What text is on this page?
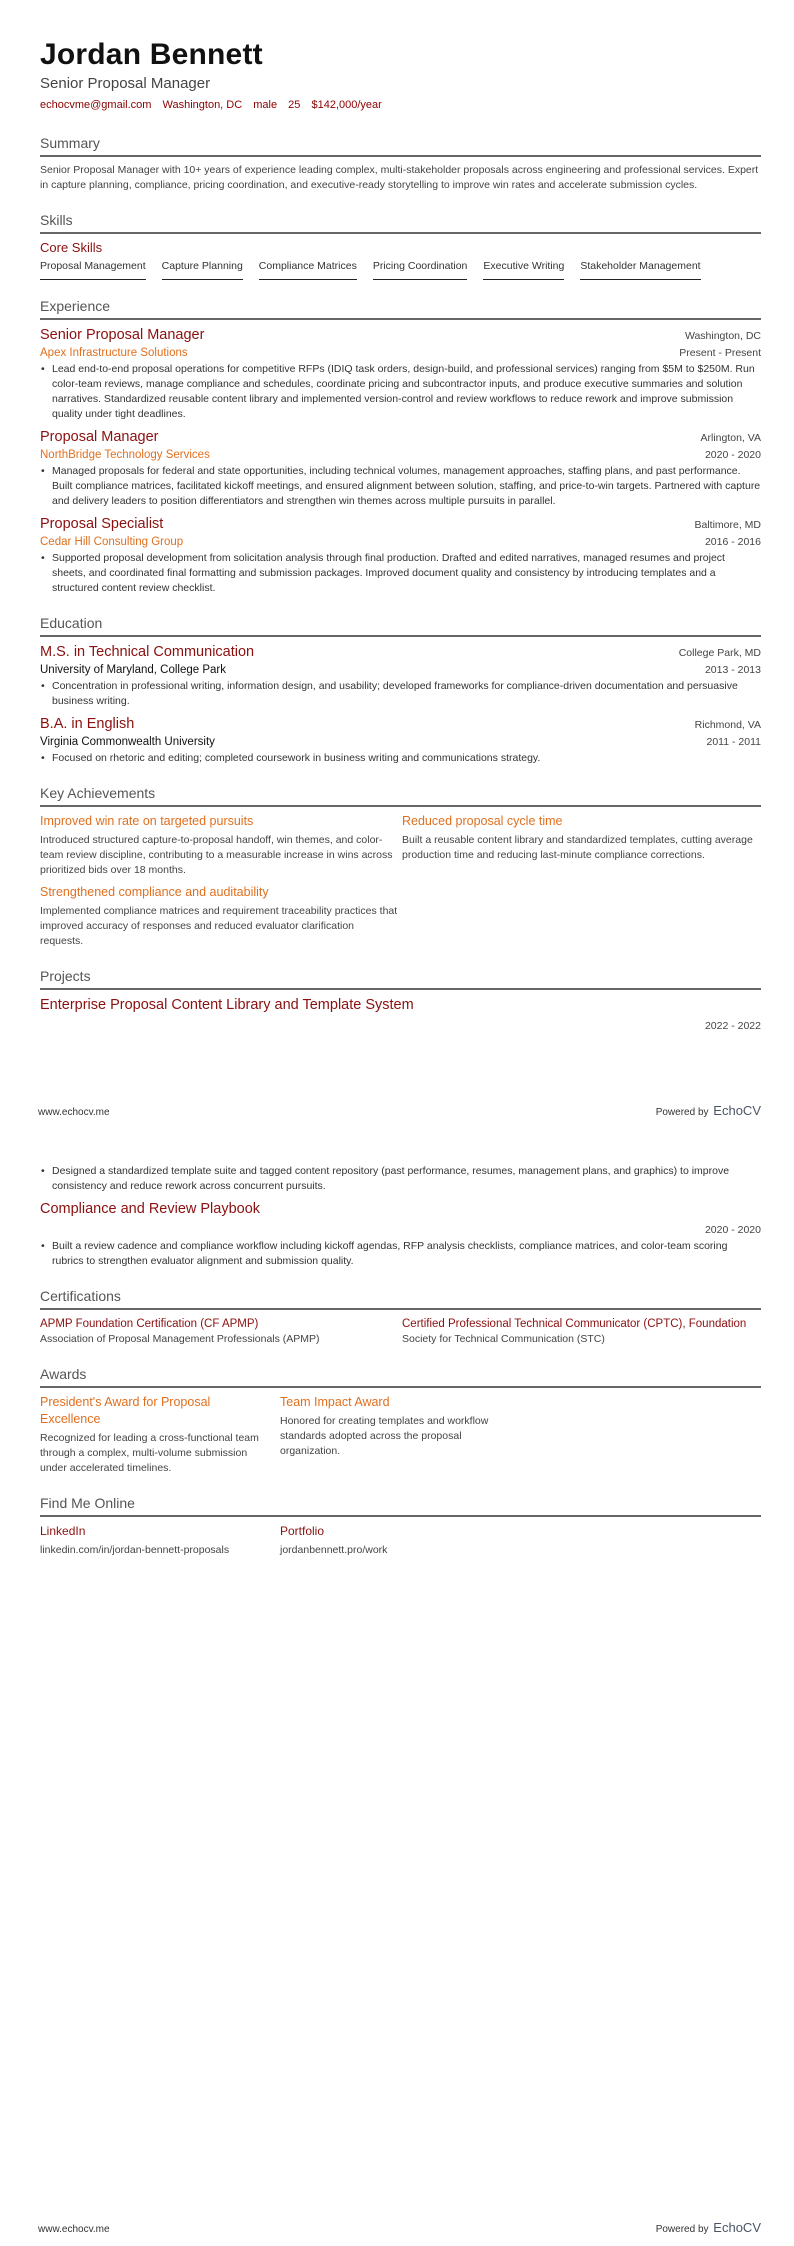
Jordan Bennett
Senior Proposal Manager
echocvme@gmail.com Washington, DC male 25 $142,000/year
Summary
Senior Proposal Manager with 10+ years of experience leading complex, multi-stakeholder proposals across engineering and professional services. Expert in capture planning, compliance, pricing coordination, and executive-ready storytelling to improve win rates and accelerate submission cycles.
Skills
Core Skills
Proposal Management Capture Planning Compliance Matrices Pricing Coordination Executive Writing Stakeholder Management
Experience
Senior Proposal Manager	Washington, DC
Apex Infrastructure Solutions	Present - Present
• Lead end-to-end proposal operations for competitive RFPs (IDIQ task orders, design-build, and professional services) ranging from $5M to $250M. Run color-team reviews, manage compliance and schedules, coordinate pricing and subcontractor inputs, and produce executive summaries and solution narratives. Standardized reusable content library and implemented version-control and review workflows to reduce rework and improve submission quality under tight deadlines.
Proposal Manager	Arlington, VA
NorthBridge Technology Services	2020 - 2020
• Managed proposals for federal and state opportunities, including technical volumes, management approaches, staffing plans, and past performance. Built compliance matrices, facilitated kickoff meetings, and ensured alignment between solution, staffing, and price-to-win targets. Partnered with capture and delivery leaders to position differentiators and strengthen win themes across multiple pursuits in parallel.
Proposal Specialist	Baltimore, MD
Cedar Hill Consulting Group	2016 - 2016
• Supported proposal development from solicitation analysis through final production. Drafted and edited narratives, managed resumes and project sheets, and coordinated final formatting and submission packages. Improved document quality and consistency by introducing templates and a structured content review checklist.
Education
M.S. in Technical Communication	College Park, MD
University of Maryland, College Park	2013 - 2013
• Concentration in professional writing, information design, and usability; developed frameworks for compliance-driven documentation and persuasive business writing.
B.A. in English	Richmond, VA
Virginia Commonwealth University	2011 - 2011
• Focused on rhetoric and editing; completed coursework in business writing and communications strategy.
Key Achievements
Improved win rate on targeted pursuits
Introduced structured capture-to-proposal handoff, win themes, and color-team review discipline, contributing to a measurable increase in wins across prioritized bids over 18 months.
Reduced proposal cycle time
Built a reusable content library and standardized templates, cutting average production time and reducing last-minute compliance corrections.
Strengthened compliance and auditability
Implemented compliance matrices and requirement traceability practices that improved accuracy of responses and reduced evaluator clarification requests.
Projects
Enterprise Proposal Content Library and Template System
2022 - 2022
www.echocv.me	Powered by EchoCV
• Designed a standardized template suite and tagged content repository (past performance, resumes, management plans, and graphics) to improve consistency and reduce rework across concurrent pursuits.
Compliance and Review Playbook
2020 - 2020
• Built a review cadence and compliance workflow including kickoff agendas, RFP analysis checklists, compliance matrices, and color-team scoring rubrics to strengthen evaluator alignment and submission quality.
Certifications
APMP Foundation Certification (CF APMP)
Association of Proposal Management Professionals (APMP)
Certified Professional Technical Communicator (CPTC), Foundation
Society for Technical Communication (STC)
Awards
President's Award for Proposal Excellence
Recognized for leading a cross-functional team through a complex, multi-volume submission under accelerated timelines.
Team Impact Award
Honored for creating templates and workflow standards adopted across the proposal organization.
Find Me Online
LinkedIn
linkedin.com/in/jordan-bennett-proposals
Portfolio
jordanbennett.pro/work
www.echocv.me	Powered by EchoCV
